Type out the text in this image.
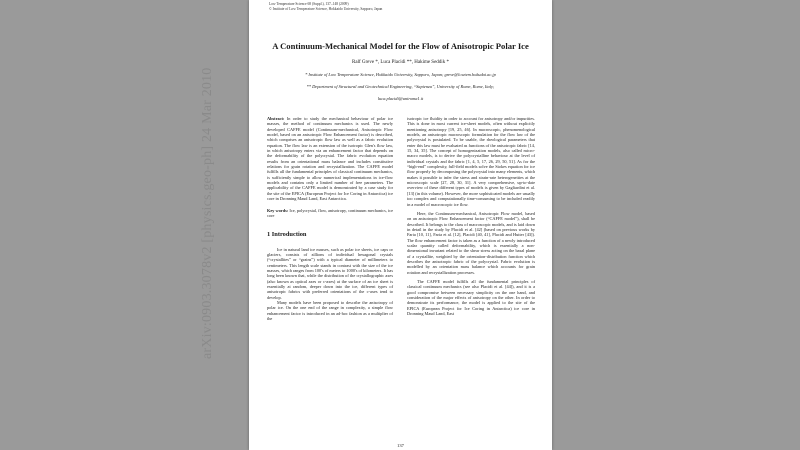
arXiv:0903.3078v2 [physics.geo-ph] 24 Mar 2010
Low Temperature Science 68 (Suppl.), 137–148 (2009)
© Institute of Low Temperature Science, Hokkaido University, Sapporo, Japan
A Continuum-Mechanical Model for the Flow of Anisotropic Polar Ice
Ralf Greve *, Luca Placidi **, Hakime Seddik *
* Institute of Low Temperature Science, Hokkaido University, Sapporo, Japan; greve@lowtem.hokudai.ac.jp
** Department of Structural and Geotechnical Engineering, “Sapienza”, University of Rome, Rome, Italy;
luca.placidi@uniroma1.it

Abstract: In order to study the mechanical behaviour of polar ice masses, the method of continuum mechanics is used. The newly developed CAFFE model (Continuum-mechanical, Anisotropic Flow model, based on an anisotropic Flow Enhancement factor) is described, which comprises an anisotropic flow law as well as a fabric evolution equation. The flow law is an extension of the isotropic Glen's flow law, in which anisotropy enters via an enhancement factor that depends on the deformability of the polycrystal. The fabric evolution equation results from an orientational mass balance and includes constitutive relations for grain rotation and recrystallization. The CAFFE model fulfills all the fundamental principles of classical continuum mechanics, is sufficiently simple to allow numerical implementations in ice-flow models and contains only a limited number of free parameters. The applicability of the CAFFE model is demonstrated by a case study for the site of the EPICA (European Project for Ice Coring in Antarctica) ice core in Dronning Maud Land, East Antarctica.

Key words: Ice, polycrystal, flow, anisotropy, continuum mechanics, ice core

1 Introduction

Ice in natural land ice masses, such as polar ice sheets, ice caps or glaciers, consists of zillions of individual hexagonal crystals (“crystallites” or “grains”) with a typical diameter of millimeters to centimeters. This length scale stands in contrast with the size of the ice masses, which ranges from 100's of meters to 1000's of kilometers. It has long been known that, while the distribution of the crystallographic axes (also known as optical axes or c-axes) at the surface of an ice sheet is essentially at random, deeper down into the ice, different types of anisotropic fabrics with preferred orientations of the c-axes tend to develop.

Many models have been proposed to describe the anisotropy of polar ice. On the one end of the range in complexity, a simple flow enhancement factor is introduced in an ad-hoc fashion as a multiplier of the

isotropic ice fluidity in order to account for anisotropy and/or impurities. This is done in most current ice-sheet models, often without explicitly mentioning anisotropy [19, 25, 46]. In macroscopic, phenomenological models, an anisotropic macroscopic formulation for the flow law of the polycrystal is postulated. To be usable, the rheological parameters that enter this law must be evaluated as functions of the anisotropic fabric [14, 15, 34, 35]. The concept of homogenization models, also called micro-macro models, is to derive the polycrystalline behaviour at the level of individual crystals and the fabric [1, 4, 5, 17, 26, 29, 50, 51]. As for the “high-end” complexity, full-field models solve the Stokes equation for ice flow properly by decomposing the polycrystal into many elements, which makes it possible to infer the stress and strain-rate heterogeneities at the microscopic scale [27, 28, 30, 31]. A very comprehensive, up-to-date overview of these different types of models is given by Gagliardini et al. [13] (in this volume). However, the more sophisticated models are usually too complex and computationally time-consuming to be included readily in a model of macroscopic ice flow.

Here, the Continuum-mechanical, Anisotropic Flow model, based on an anisotropic Flow Enhancement factor (“CAFFE model”), shall be described. It belongs to the class of macroscopic models, and is laid down in detail in the study by Placidi et al. [42] (based on previous works by Faria [10, 11], Faria et al. [12], Placidi [40, 41], Placidi and Hutter [43]). The flow enhancement factor is taken as a function of a newly introduced scalar quantity called deformability, which is essentially a non-dimensional invariant related to the shear stress acting on the basal plane of a crystallite, weighted by the orientation-distribution function which describes the anisotropic fabric of the polycrystal. Fabric evolution is modelled by an orientation mass balance which accounts for grain rotation and recrystallization processes.

The CAFFE model fulfills all the fundamental principles of classical continuum mechanics (see also Placidi et al. [44]), and it is a good compromise between necessary simplicity on the one hand, and consideration of the major effects of anisotropy on the other. In order to demonstrate its performance, the model is applied to the site of the EPICA (European Project for Ice Coring in Antarctica) ice core in Dronning Maud Land, East

137
